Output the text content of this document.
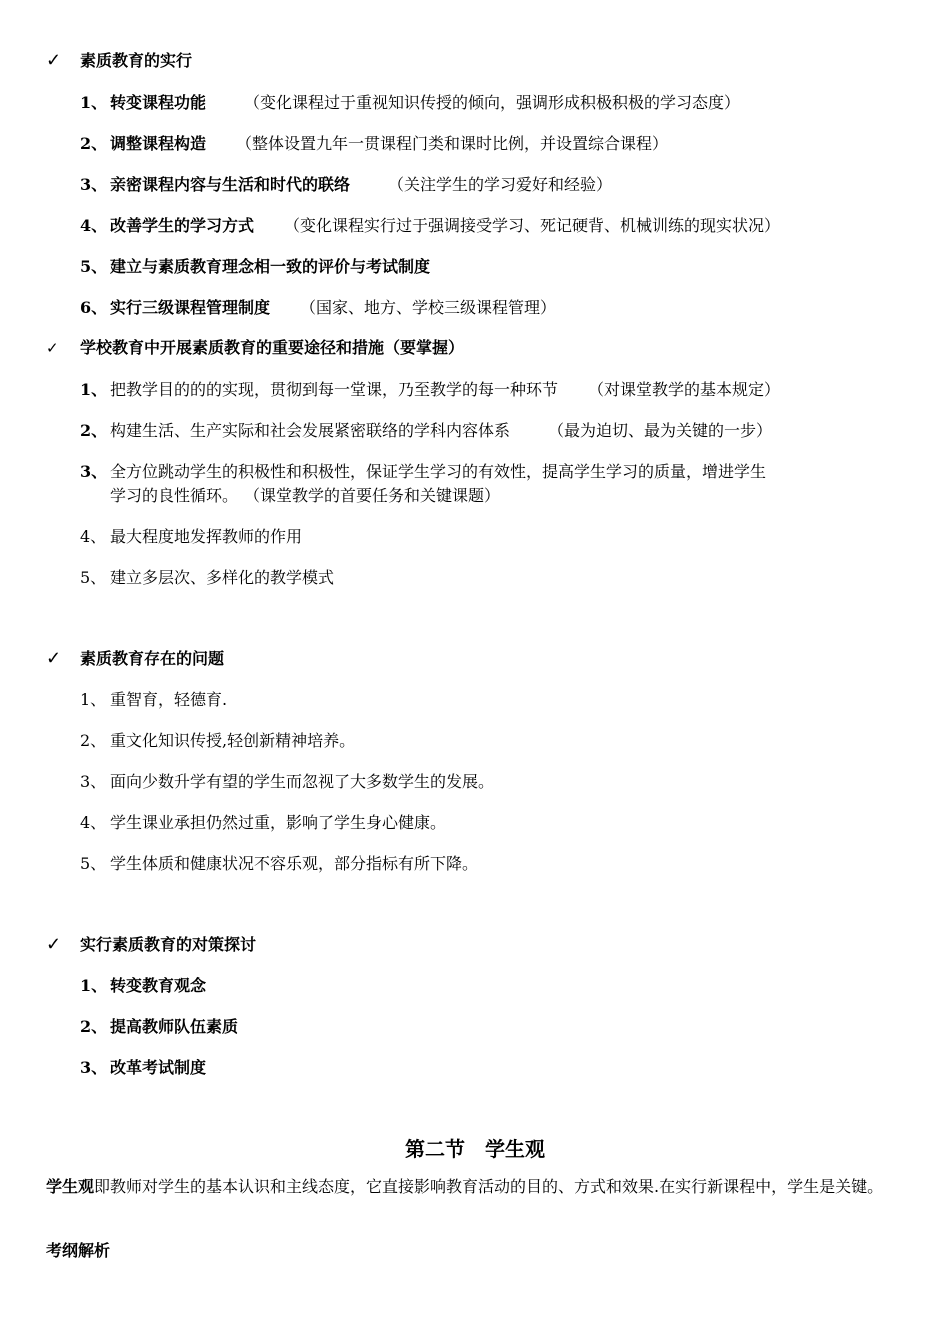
✓ 素质教育的实行
1、 转变课程功能 （变化课程过于重视知识传授的倾向，强调形成积极积极的学习态度）
2、 调整课程构造 （整体设置九年一贯课程门类和课时比例，并设置综合课程）
3、 亲密课程内容与生活和时代的联络 （关注学生的学习爱好和经验）
4、 改善学生的学习方式 （变化课程实行过于强调接受学习、死记硬背、机械训练的现实状况）
5、 建立与素质教育理念相一致的评价与考试制度
6、 实行三级课程管理制度 （国家、地方、学校三级课程管理）
✓ 学校教育中开展素质教育的重要途径和措施（要掌握）
1、 把教学目的的的实现，贯彻到每一堂课，乃至教学的每一种环节 （对课堂教学的基本规定）
2、 构建生活、生产实际和社会发展紧密联络的学科内容体系 （最为迫切、最为关键的一步）
3、 全方位跳动学生的积极性和积极性，保证学生学习的有效性，提高学生学习的质量，增进学生
学习的良性循环。 （课堂教学的首要任务和关键课题）
4、 最大程度地发挥教师的作用
5、 建立多层次、多样化的教学模式
✓ 素质教育存在的问题
1、 重智育，轻德育.
2、 重文化知识传授,轻创新精神培养。
3、 面向少数升学有望的学生而忽视了大多数学生的发展。
4、 学生课业承担仍然过重，影响了学生身心健康。
5、 学生体质和健康状况不容乐观，部分指标有所下降。
✓ 实行素质教育的对策探讨
1、 转变教育观念
2、 提高教师队伍素质
3、 改革考试制度
第二节　学生观
学生观即教师对学生的基本认识和主线态度，它直接影响教育活动的目的、方式和效果.在实行新课程中，学生是关键。
考纲解析
